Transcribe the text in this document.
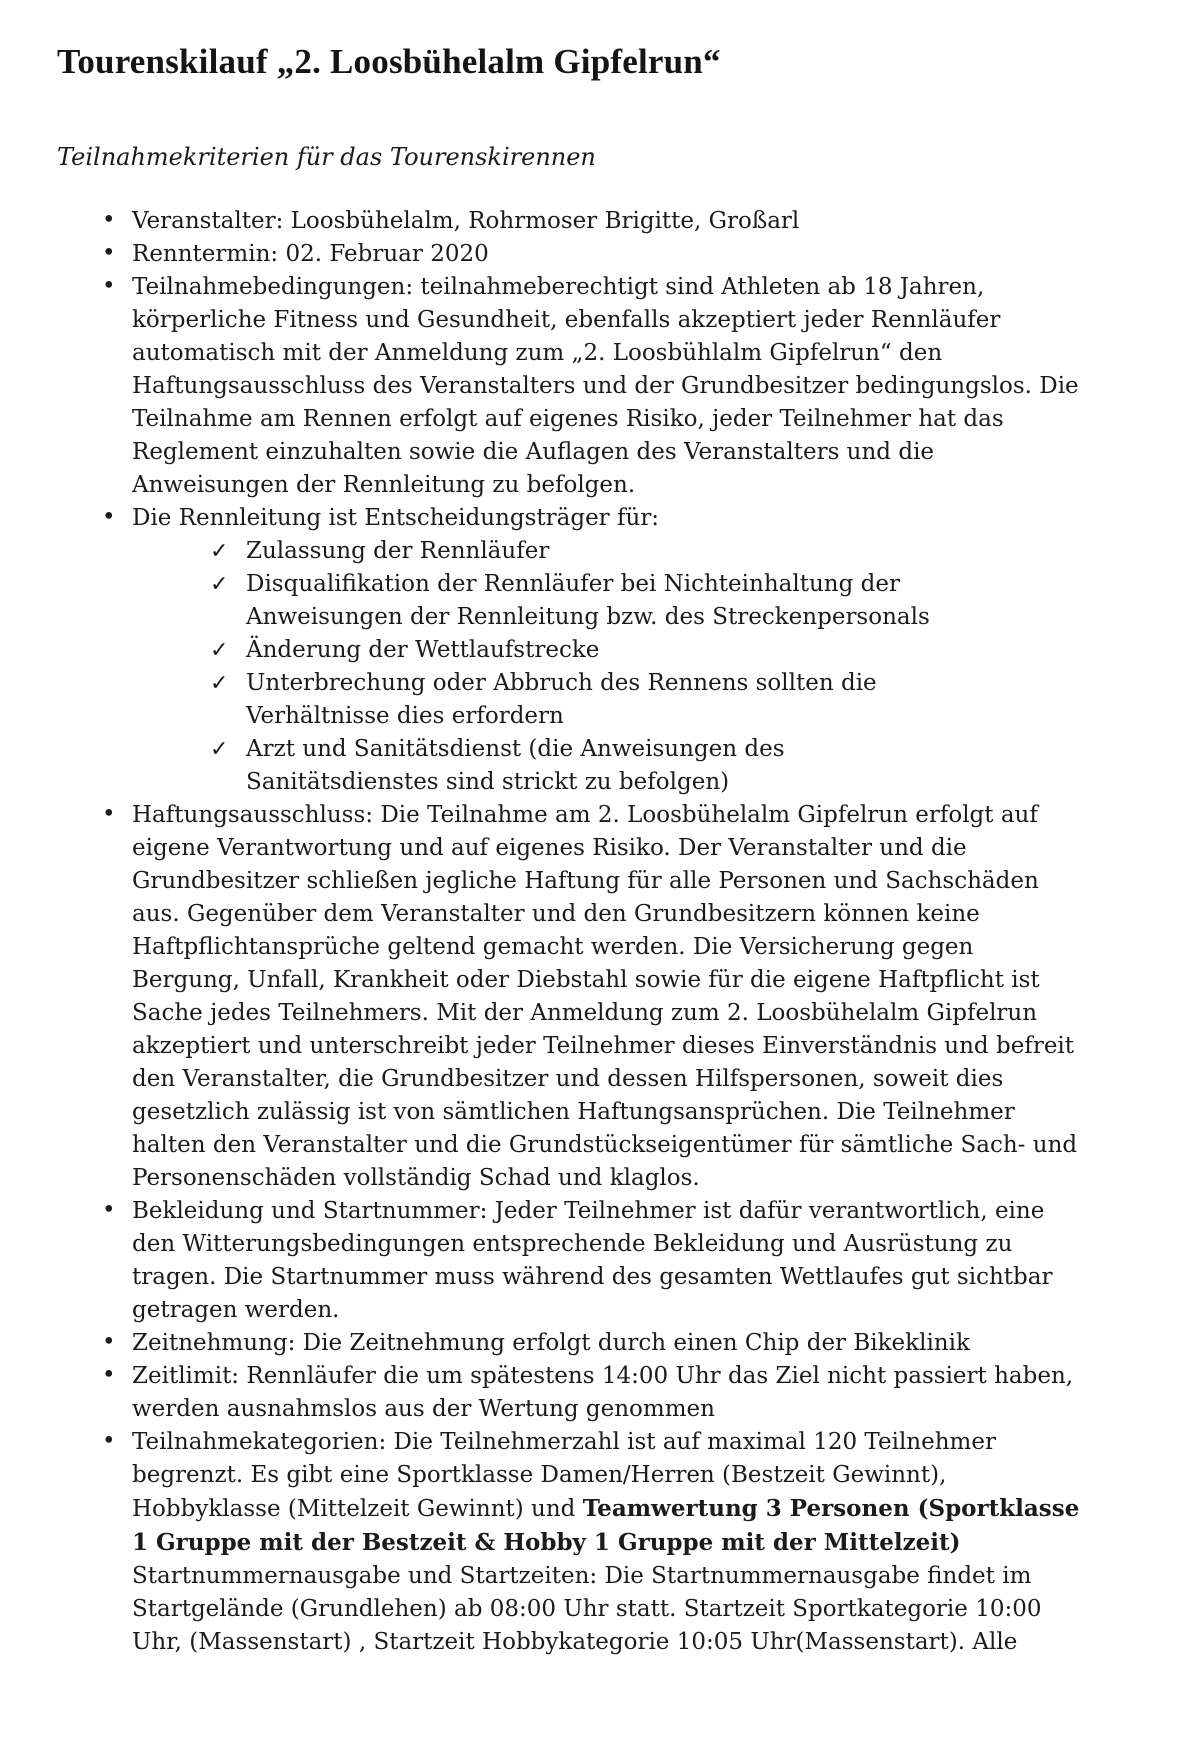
Tourenskilauf „2. Loosbühelalm Gipfelrun“

Teilnahmekriterien für das Tourenskirennen

• Veranstalter: Loosbühelalm, Rohrmoser Brigitte, Großarl
• Renntermin: 02. Februar 2020
• Teilnahmebedingungen: teilnahmeberechtigt sind Athleten ab 18 Jahren, körperliche Fitness und Gesundheit, ebenfalls akzeptiert jeder Rennläufer automatisch mit der Anmeldung zum „2. Loosbühlalm Gipfelrun“ den Haftungsausschluss des Veranstalters und der Grundbesitzer bedingungslos. Die Teilnahme am Rennen erfolgt auf eigenes Risiko, jeder Teilnehmer hat das Reglement einzuhalten sowie die Auflagen des Veranstalters und die Anweisungen der Rennleitung zu befolgen.
• Die Rennleitung ist Entscheidungsträger für:
✓ Zulassung der Rennläufer
✓ Disqualifikation der Rennläufer bei Nichteinhaltung der Anweisungen der Rennleitung bzw. des Streckenpersonals
✓ Änderung der Wettlaufstrecke
✓ Unterbrechung oder Abbruch des Rennens sollten die Verhältnisse dies erfordern
✓ Arzt und Sanitätsdienst (die Anweisungen des Sanitätsdienstes sind strickt zu befolgen)
• Haftungsausschluss: Die Teilnahme am 2. Loosbühelalm Gipfelrun erfolgt auf eigene Verantwortung und auf eigenes Risiko. Der Veranstalter und die Grundbesitzer schließen jegliche Haftung für alle Personen und Sachschäden aus. Gegenüber dem Veranstalter und den Grundbesitzern können keine Haftpflichtansprüche geltend gemacht werden. Die Versicherung gegen Bergung, Unfall, Krankheit oder Diebstahl sowie für die eigene Haftpflicht ist Sache jedes Teilnehmers. Mit der Anmeldung zum 2. Loosbühelalm Gipfelrun akzeptiert und unterschreibt jeder Teilnehmer dieses Einverständnis und befreit den Veranstalter, die Grundbesitzer und dessen Hilfspersonen, soweit dies gesetzlich zulässig ist von sämtlichen Haftungsansprüchen. Die Teilnehmer halten den Veranstalter und die Grundstückseigentümer für sämtliche Sach- und Personenschäden vollständig Schad und klaglos.
• Bekleidung und Startnummer: Jeder Teilnehmer ist dafür verantwortlich, eine den Witterungsbedingungen entsprechende Bekleidung und Ausrüstung zu tragen. Die Startnummer muss während des gesamten Wettlaufes gut sichtbar getragen werden.
• Zeitnehmung: Die Zeitnehmung erfolgt durch einen Chip der Bikeklinik
• Zeitlimit: Rennläufer die um spätestens 14:00 Uhr das Ziel nicht passiert haben, werden ausnahmslos aus der Wertung genommen
• Teilnahmekategorien: Die Teilnehmerzahl ist auf maximal 120 Teilnehmer begrenzt. Es gibt eine Sportklasse Damen/Herren (Bestzeit Gewinnt), Hobbyklasse (Mittelzeit Gewinnt) und Teamwertung 3 Personen (Sportklasse 1 Gruppe mit der Bestzeit & Hobby 1 Gruppe mit der Mittelzeit) Startnummernausgabe und Startzeiten: Die Startnummernausgabe findet im Startgelände (Grundlehen) ab 08:00 Uhr statt. Startzeit Sportkategorie 10:00 Uhr, (Massenstart) , Startzeit Hobbykategorie 10:05 Uhr(Massenstart). Alle
